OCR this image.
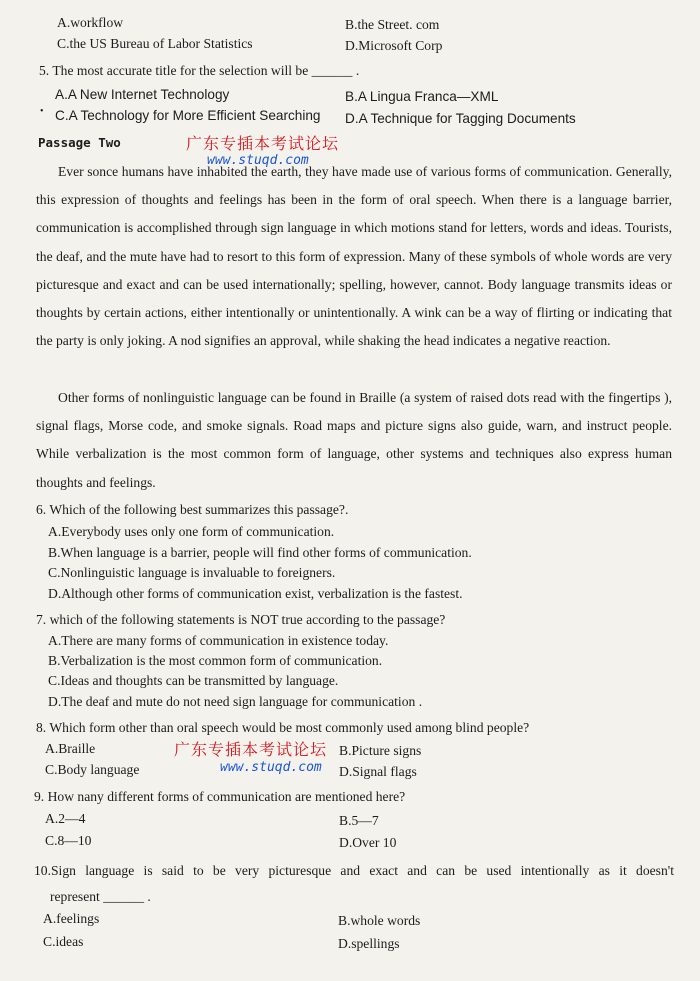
A.workflow	B.the Street. com
C.the US Bureau of Labor Statistics	D.Microsoft Corp
5. The most accurate title for the selection will be ______ .
A.A New Internet Technology	B.A Lingua Franca—XML
• C.A Technology for More Efficient Searching D.A Technique for Tagging Documents
Passage Two	广东专插本考试论坛
www.stuqd.com
Ever sonce humans have inhabited the earth, they have made use of various forms of communication. Generally, this expression of thoughts and feelings has been in the form of oral speech. When there is a language barrier, communication is accomplished through sign language in which motions stand for letters, words and ideas. Tourists, the deaf, and the mute have had to resort to this form of expression. Many of these symbols of whole words are very picturesque and exact and can be used internationally; spelling, however, cannot. Body language transmits ideas or thoughts by certain actions, either intentionally or unintentionally. A wink can be a way of flirting or indicating that the party is only joking. A nod signifies an approval, while shaking the head indicates a negative reaction.
Other forms of nonlinguistic language can be found in Braille (a system of raised dots read with the fingertips ), signal flags, Morse code, and smoke signals. Road maps and picture signs also guide, warn, and instruct people. While verbalization is the most common form of language, other systems and techniques also express human thoughts and feelings.
6. Which of the following best summarizes this passage?.
A.Everybody uses only one form of communication.
B.When language is a barrier, people will find other forms of communication.
C.Nonlinguistic language is invaluable to foreigners.
D.Although other forms of communication exist, verbalization is the fastest.
7. which of the following statements is NOT true according to the passage?
A.There are many forms of communication in existence today.
B.Verbalization is the most common form of communication.
C.Ideas and thoughts can be transmitted by language.
D.The deaf and mute do not need sign language for communication .
8. Which form other than oral speech would be most commonly used among blind people?
A.Braille	B.Picture signs
C.Body language	D.Signal flags
广东专插本考试论坛
www.stuqd.com
9. How nany different forms of communication are mentioned here?
A.2—4	B.5—7
C.8—10	D.Over 10
10.Sign language is said to be very picturesque and exact and can be used intentionally as it doesn't
represent ______ .
A.feelings	B.whole words
C.ideas	D.spellings
